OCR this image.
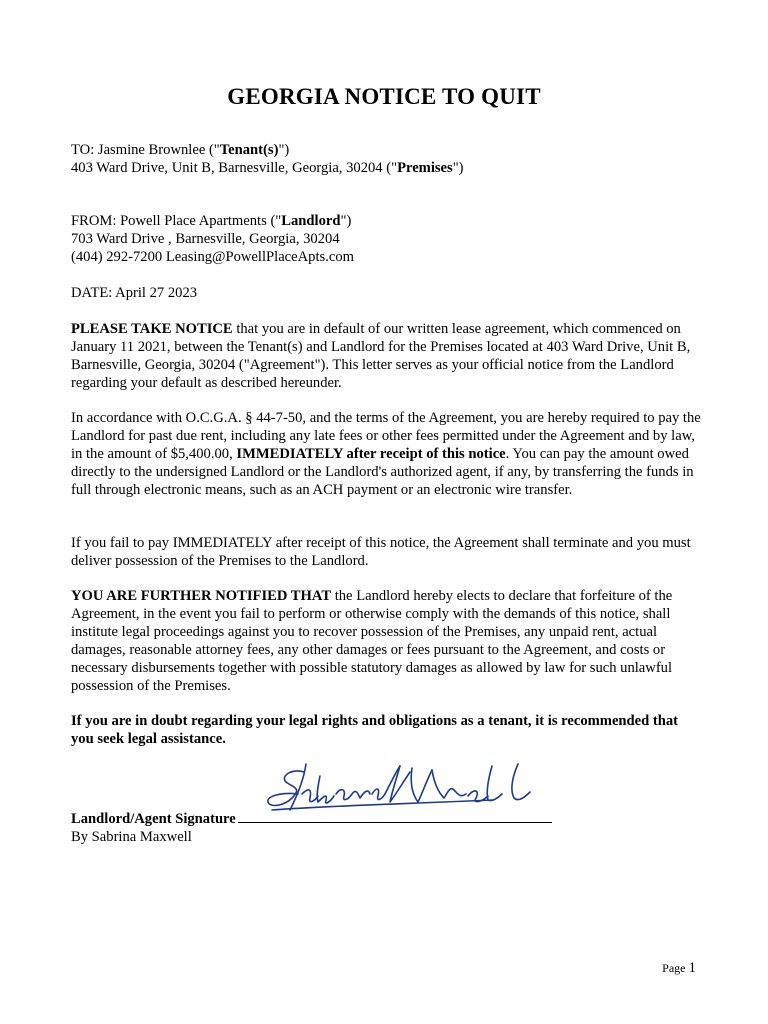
GEORGIA NOTICE TO QUIT

TO: Jasmine Brownlee ("Tenant(s)")

403 Ward Drive, Unit B, Barnesville, Georgia, 30204 ("Premises")

FROM: Powell Place Apartments ("Landlord")

703 Ward Drive , Barnesville, Georgia, 30204

(404) 292-7200 Leasing@PowellPlaceApts.com

DATE: April 27 2023

PLEASE TAKE NOTICE that you are in default of our written lease agreement, which commenced on January 11 2021, between the Tenant(s) and Landlord for the Premises located at 403 Ward Drive, Unit B, Barnesville, Georgia, 30204 ("Agreement"). This letter serves as your official notice from the Landlord regarding your default as described hereunder.

In accordance with O.C.G.A. § 44-7-50, and the terms of the Agreement, you are hereby required to pay the Landlord for past due rent, including any late fees or other fees permitted under the Agreement and by law, in the amount of $5,400.00, IMMEDIATELY after receipt of this notice. You can pay the amount owed directly to the undersigned Landlord or the Landlord's authorized agent, if any, by transferring the funds in full through electronic means, such as an ACH payment or an electronic wire transfer.

If you fail to pay IMMEDIATELY after receipt of this notice, the Agreement shall terminate and you must deliver possession of the Premises to the Landlord.

YOU ARE FURTHER NOTIFIED THAT the Landlord hereby elects to declare that forfeiture of the Agreement, in the event you fail to perform or otherwise comply with the demands of this notice, shall institute legal proceedings against you to recover possession of the Premises, any unpaid rent, actual damages, reasonable attorney fees, any other damages or fees pursuant to the Agreement, and costs or necessary disbursements together with possible statutory damages as allowed by law for such unlawful possession of the Premises.

If you are in doubt regarding your legal rights and obligations as a tenant, it is recommended that you seek legal assistance.

Landlord/Agent Signature

By Sabrina Maxwell

Page 1
